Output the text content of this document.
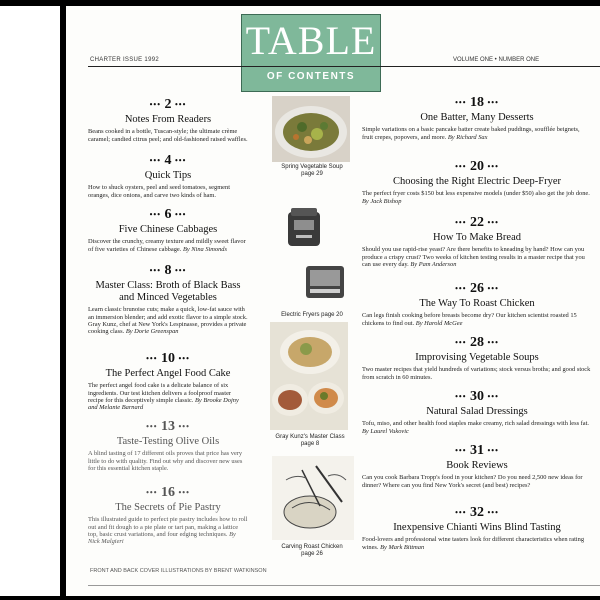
TABLE
OF CONTENTS
CHARTER ISSUE 1992	VOLUME ONE • NUMBER ONE
••• 2 •••
Notes From Readers
Beans cooked in a bottle, Tuscan-style; the ultimate crème caramel; candied citrus peel; and old-fashioned raised waffles.
••• 4 •••
Quick Tips
How to shuck oysters, peel and seed tomatoes, segment oranges, dice onions, and carve two kinds of ham.
••• 6 •••
Five Chinese Cabbages
Discover the crunchy, creamy texture and mildly sweet flavor of five varieties of Chinese cabbage. By Nina Simonds
••• 8 •••
Master Class: Broth of Black Bass and Minced Vegetables
Learn classic brunoise cuts; make a quick, low-fat sauce with an immersion blender; and add exotic flavor to a simple stock. Gray Kunz, chef at New York's Lespinasse, provides a private cooking class. By Dorie Greenspan
••• 10 •••
The Perfect Angel Food Cake
The perfect angel food cake is a delicate balance of six ingredients. Our test kitchen delivers a foolproof master recipe for this deceptively simple classic. By Brooke Dojny and Melanie Barnard
••• 13 •••
Taste-Testing Olive Oils
A blind tasting of 17 different oils proves that price has very little to do with quality. Find out why and discover new uses for this essential kitchen staple.
••• 16 •••
The Secrets of Pie Pastry
This illustrated guide to perfect pie pastry includes how to roll out and fit dough to a pie plate or tart pan, making a lattice top, basic crust variations, and four edging techniques. By Nick Malgieri
Spring Vegetable Soup
page 29
Electric Fryers page 20
Gray Kunz's Master Class
page 8
Carving Roast Chicken
page 26
••• 18 •••
One Batter, Many Desserts
Simple variations on a basic pancake batter create baked puddings, soufflée beignets, fruit crepes, popovers, and more. By Richard Sax
••• 20 •••
Choosing the Right Electric Deep-Fryer
The perfect fryer costs $150 but less expensive models (under $50) also get the job done. By Jack Bishop
••• 22 •••
How To Make Bread
Should you use rapid-rise yeast? Are there benefits to kneading by hand? How can you produce a crispy crust? Two weeks of kitchen testing results in a master recipe that you can use every day. By Pam Anderson
••• 26 •••
The Way To Roast Chicken
Can legs finish cooking before breasts become dry? Our kitchen scientist roasted 15 chickens to find out. By Harold McGee
••• 28 •••
Improvising Vegetable Soups
Two master recipes that yield hundreds of variations; stock versus broths; and good stock from scratch in 60 minutes.
••• 30 •••
Natural Salad Dressings
Tofu, miso, and other health food staples make creamy, rich salad dressings with less fat. By Laurel Vukovic
••• 31 •••
Book Reviews
Can you cook Barbara Tropp's food in your kitchen? Do you need 2,500 new ideas for dinner? Where can you find New York's secret (and best) recipes?
••• 32 •••
Inexpensive Chianti Wins Blind Tasting
Food-lovers and professional wine tasters look for different characteristics when rating wines. By Mark Bittman
FRONT AND BACK COVER ILLUSTRATIONS BY BRENT WATKINSON
